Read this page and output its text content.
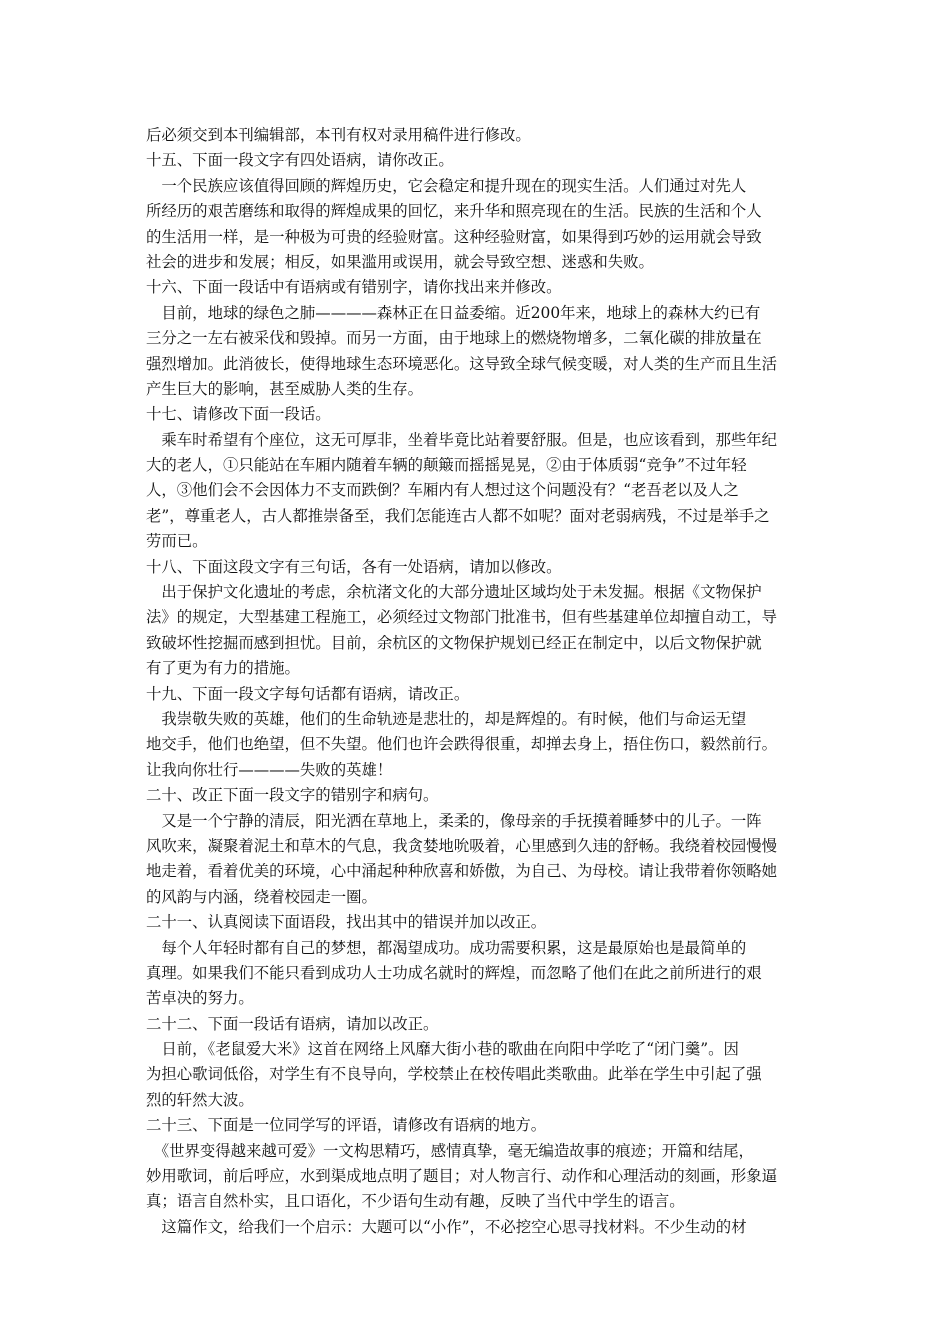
后必须交到本刊编辑部，本刊有权对录用稿件进行修改。
十五、下面一段文字有四处语病，请你改正。
　一个民族应该值得回顾的辉煌历史，它会稳定和提升现在的现实生活。人们通过对先人
所经历的艰苦磨练和取得的辉煌成果的回忆，来升华和照亮现在的生活。民族的生活和个人
的生活用一样，是一种极为可贵的经验财富。这种经验财富，如果得到巧妙的运用就会导致
社会的进步和发展；相反，如果滥用或误用，就会导致空想、迷惑和失败。
十六、下面一段话中有语病或有错别字，请你找出来并修改。
　目前，地球的绿色之肺————森林正在日益委缩。近200年来，地球上的森林大约已有
三分之一左右被采伐和毁掉。而另一方面，由于地球上的燃烧物增多，二氧化碳的排放量在
强烈增加。此消彼长，使得地球生态环境恶化。这导致全球气候变暖，对人类的生产而且生活
产生巨大的影响，甚至威胁人类的生存。
十七、请修改下面一段话。
　乘车时希望有个座位，这无可厚非，坐着毕竟比站着要舒服。但是，也应该看到，那些年纪
大的老人，①只能站在车厢内随着车辆的颠簸而摇摇晃晃，②由于体质弱“竞争”不过年轻
人，③他们会不会因体力不支而跌倒？车厢内有人想过这个问题没有？“老吾老以及人之
老”，尊重老人，古人都推崇备至，我们怎能连古人都不如呢？面对老弱病残，不过是举手之
劳而已。
十八、下面这段文字有三句话，各有一处语病，请加以修改。
　出于保护文化遗址的考虑，余杭渚文化的大部分遗址区域均处于未发掘。根据《文物保护
法》的规定，大型基建工程施工，必须经过文物部门批准书，但有些基建单位却擅自动工，导
致破坏性挖掘而感到担忧。目前，余杭区的文物保护规划已经正在制定中，以后文物保护就
有了更为有力的措施。
十九、下面一段文字每句话都有语病，请改正。
　我崇敬失败的英雄，他们的生命轨迹是悲壮的，却是辉煌的。有时候，他们与命运无望
地交手，他们也绝望，但不失望。他们也许会跌得很重，却掸去身上，捂住伤口，毅然前行。
让我向你壮行————失败的英雄！
二十、改正下面一段文字的错别字和病句。
　又是一个宁静的清辰，阳光洒在草地上，柔柔的，像母亲的手抚摸着睡梦中的儿子。一阵
风吹来，凝聚着泥土和草木的气息，我贪婪地吮吸着，心里感到久违的舒畅。我绕着校园慢慢
地走着，看着优美的环境，心中涌起种种欣喜和娇傲，为自己、为母校。请让我带着你领略她
的风韵与内涵，绕着校园走一圈。
二十一、认真阅读下面语段，找出其中的错误并加以改正。
　每个人年轻时都有自己的梦想，都渴望成功。成功需要积累，这是最原始也是最简单的
真理。如果我们不能只看到成功人士功成名就时的辉煌，而忽略了他们在此之前所进行的艰
苦卓决的努力。
二十二、下面一段话有语病，请加以改正。
　日前，《老鼠爱大米》这首在网络上风靡大街小巷的歌曲在向阳中学吃了“闭门羹”。因
为担心歌词低俗，对学生有不良导向，学校禁止在校传唱此类歌曲。此举在学生中引起了强
烈的轩然大波。
二十三、下面是一位同学写的评语，请修改有语病的地方。
　《世界变得越来越可爱》一文构思精巧，感情真挚，毫无编造故事的痕迹；开篇和结尾，
妙用歌词，前后呼应，水到渠成地点明了题目；对人物言行、动作和心理活动的刻画，形象逼
真；语言自然朴实，且口语化，不少语句生动有趣，反映了当代中学生的语言。
　这篇作文，给我们一个启示：大题可以“小作”，不必挖空心思寻找材料。不少生动的材
